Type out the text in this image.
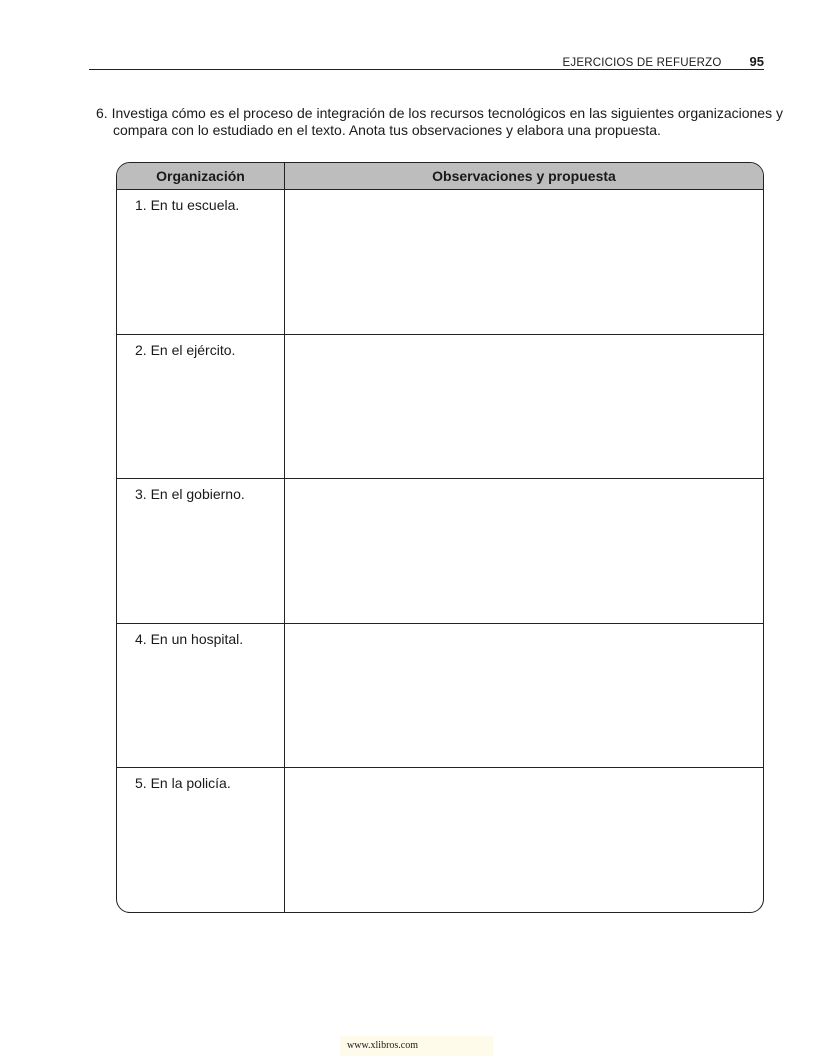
EJERCICIOS DE REFUERZO 95

6. Investiga cómo es el proceso de integración de los recursos tecnológicos en las siguientes organizaciones y compara con lo estudiado en el texto. Anota tus observaciones y elabora una propuesta.

Organización	Observaciones y propuesta
1. En tu escuela.
2. En el ejército.
3. En el gobierno.
4. En un hospital.
5. En la policía.
www.xlibros.com
